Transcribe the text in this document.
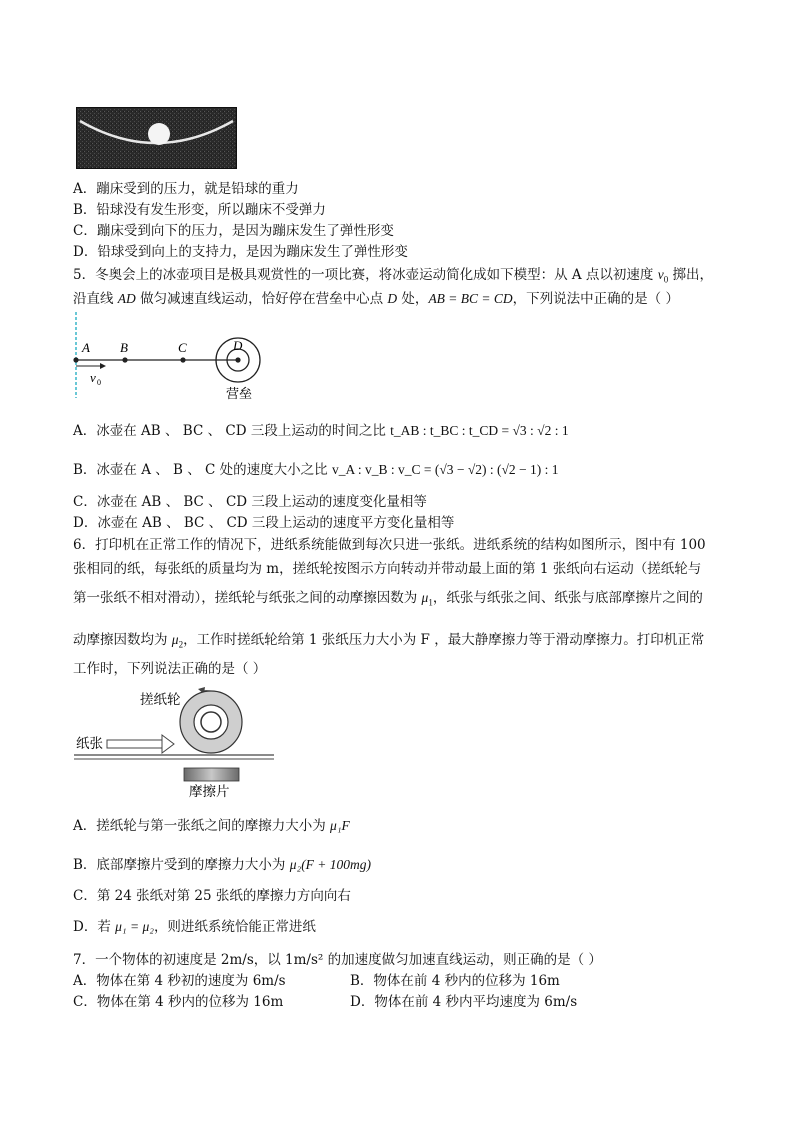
A．蹦床受到的压力，就是铅球的重力
B．铅球没有发生形变，所以蹦床不受弹力
C．蹦床受到向下的压力，是因为蹦床发生了弹性形变
D．铅球受到向上的支持力，是因为蹦床发生了弹性形变
5．冬奥会上的冰壶项目是极具观赏性的一项比赛，将冰壶运动简化成如下模型：从 A 点以初速度 $v_0$ 掷出，
沿直线 AD 做匀减速直线运动，恰好停在营垒中心点 D 处，AB = BC = CD，下列说法中正确的是（ ）
A B	C	D
v 0
营垒
A．冰壶在 AB 、 BC 、 CD 三段上运动的时间之比 t_AB : t_BC : t_CD = √3 : √2 : 1
B．冰壶在 A 、 B 、 C 处的速度大小之比 v_A : v_B : v_C = (√3 − √2) : (√2 − 1) : 1
C．冰壶在 AB 、 BC 、 CD 三段上运动的速度变化量相等
D．冰壶在 AB 、 BC 、 CD 三段上运动的速度平方变化量相等
6．打印机在正常工作的情况下，进纸系统能做到每次只进一张纸。进纸系统的结构如图所示，图中有 100
张相同的纸，每张纸的质量均为 m，搓纸轮按图示方向转动并带动最上面的第 1 张纸向右运动（搓纸轮与
第一张纸不相对滑动），搓纸轮与纸张之间的动摩擦因数为 $\mu_1$，纸张与纸张之间、纸张与底部摩擦片之间的
动摩擦因数均为 $\mu_2$，工作时搓纸轮给第 1 张纸压力大小为 F ，最大静摩擦力等于滑动摩擦力。打印机正常
工作时，下列说法正确的是（ ）
搓纸轮
纸张
摩擦片
A．搓纸轮与第一张纸之间的摩擦力大小为 μ₁F
B．底部摩擦片受到的摩擦力大小为 μ₂(F + 100mg)
C．第 24 张纸对第 25 张纸的摩擦力方向向右
D．若 μ₁ = μ₂，则进纸系统恰能正常进纸
7．一个物体的初速度是 2m/s，以 1m/s² 的加速度做匀加速直线运动，则正确的是（ ）
A．物体在第 4 秒初的速度为 6m/s	B．物体在前 4 秒内的位移为 16m
C．物体在第 4 秒内的位移为 16m	D．物体在前 4 秒内平均速度为 6m/s
